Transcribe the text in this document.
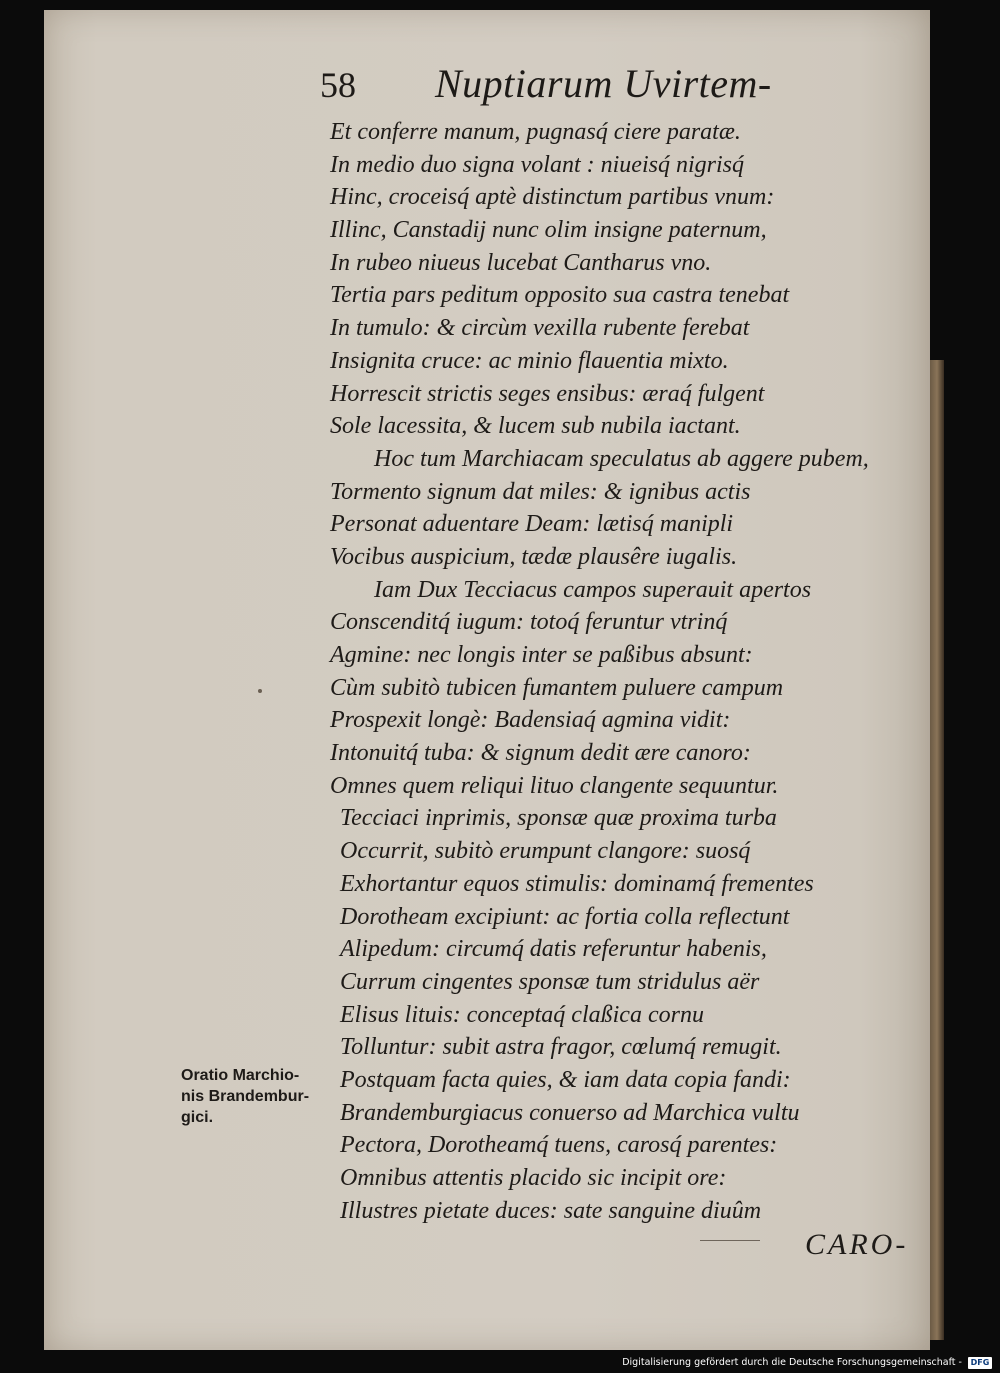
58 Nuptiarum Uvirtem-
Et conferre manum, pugnasq́ ciere paratæ.
In medio duo signa volant : niueisq́ nigrisq́
Hinc, croceisq́ aptè distinctum partibus vnum:
Illinc, Canstadij nunc olim insigne paternum,
In rubeo niueus lucebat Cantharus vno.
Tertia pars peditum opposito sua castra tenebat
In tumulo: & circùm vexilla rubente ferebat
Insignita cruce: ac minio flauentia mixto.
Horrescit strictis seges ensibus: æraq́ fulgent
Sole lacessita, & lucem sub nubila iactant.
Hoc tum Marchiacam speculatus ab aggere pubem,
Tormento signum dat miles: & ignibus actis
Personat aduentare Deam: lætisq́ manipli
Vocibus auspicium, tædæ plausêre iugalis.
Iam Dux Tecciacus campos superauit apertos
Conscenditq́ iugum: totoq́ feruntur vtrinq́
Agmine: nec longis inter se paßibus absunt:
Cùm subitò tubicen fumantem puluere campum
Prospexit longè: Badensiaq́ agmina vidit:
Intonuitq́ tuba: & signum dedit ære canoro:
Omnes quem reliqui lituo clangente sequuntur.
Tecciaci inprimis, sponsæ quæ proxima turba
Occurrit, subitò erumpunt clangore: suosq́
Exhortantur equos stimulis: dominamq́ frementes
Dorotheam excipiunt: ac fortia colla reflectunt
Alipedum: circumq́ datis referuntur habenis,
Currum cingentes sponsæ tum stridulus aër
Elisus lituis: conceptaq́ claßica cornu
Tolluntur: subit astra fragor, cœlumq́ remugit.
Postquam facta quies, & iam data copia fandi:
Brandemburgiacus conuerso ad Marchica vultu
Pectora, Dorotheamq́ tuens, carosq́ parentes:
Omnibus attentis placido sic incipit ore:
Illustres pietate duces: sate sanguine diuûm
Oratio Marchio-
nis Brandembur-
gici.
CARO-
Digitalisierung gefördert durch die Deutsche Forschungsgemeinschaft - DFG
